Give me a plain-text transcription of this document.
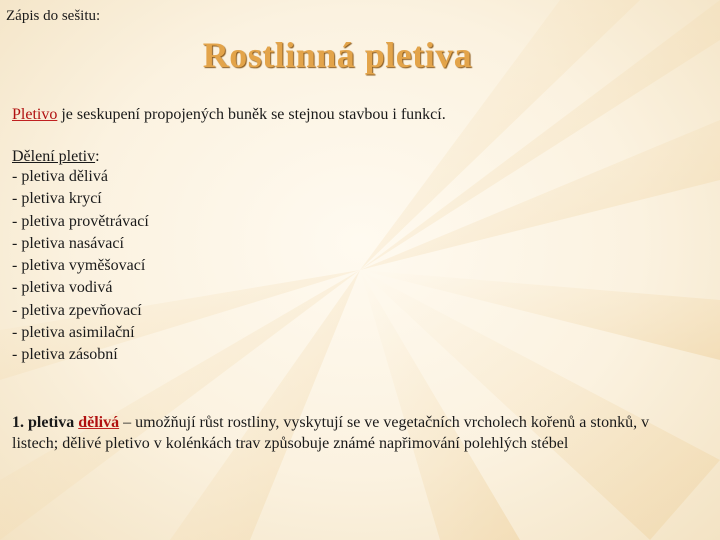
Zápis do sešitu:
Rostlinná pletiva
Pletivo je seskupení propojených buněk se stejnou stavbou i funkcí.
Dělení pletiv:
- pletiva dělivá
- pletiva krycí
- pletiva provětrávací
- pletiva nasávací
- pletiva vyměšovací
- pletiva vodivá
- pletiva zpevňovací
- pletiva asimilační
- pletiva zásobní
1. pletiva dělivá – umožňují růst rostliny, vyskytují se ve vegetačních vrcholech kořenů a stonků, v listech; dělivé pletivo v kolénkách trav způsobuje známé napřimování polehlých stébel
